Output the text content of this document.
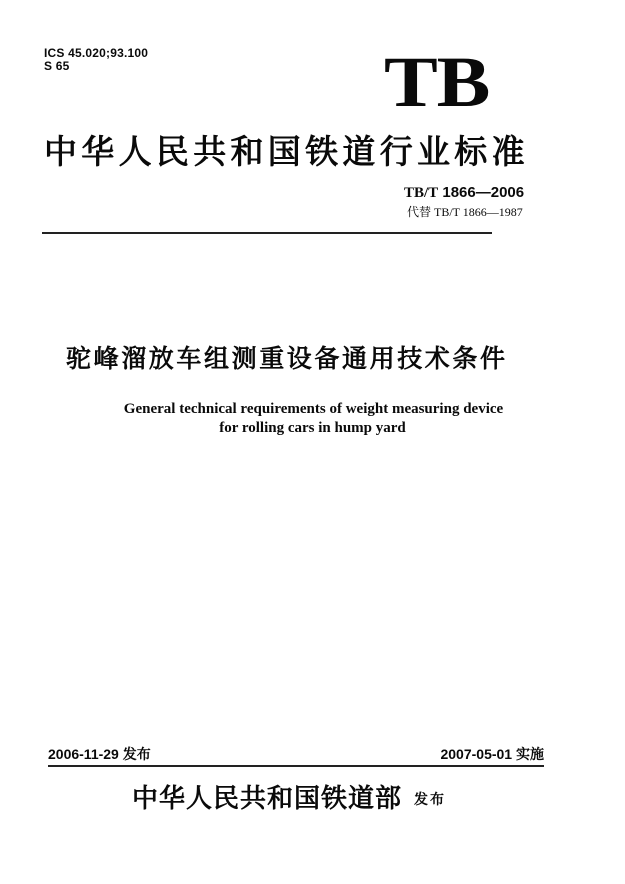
ICS 45.020;93.100
S 65	TB
中华人民共和国铁道行业标准
TB/T 1866—2006
代替 TB/T 1866—1987
驼峰溜放车组测重设备通用技术条件
General technical requirements of weight measuring device
for rolling cars in hump yard
2006-11-29 发布	2007-05-01 实施
中华人民共和国铁道部 发布
